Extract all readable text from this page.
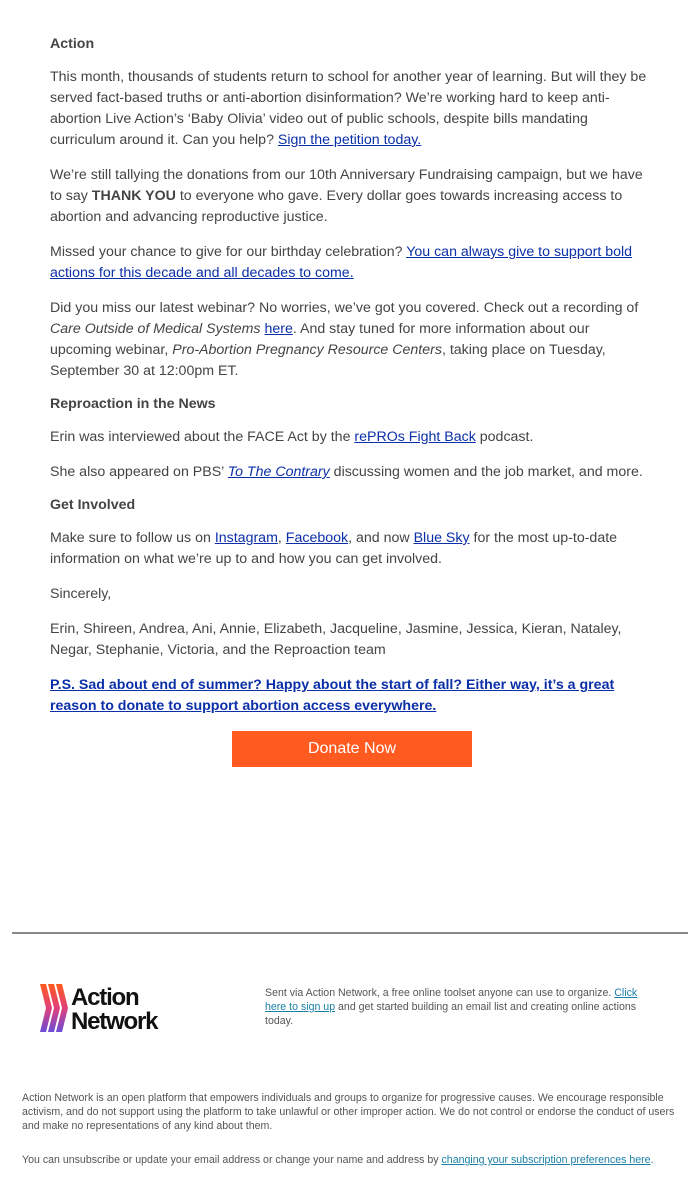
Action

This month, thousands of students return to school for another year of learning. But will they be served fact-based truths or anti-abortion disinformation? We’re working hard to keep anti-abortion Live Action’s ‘Baby Olivia’ video out of public schools, despite bills mandating curriculum around it. Can you help? Sign the petition today.

We’re still tallying the donations from our 10th Anniversary Fundraising campaign, but we have to say THANK YOU to everyone who gave. Every dollar goes towards increasing access to abortion and advancing reproductive justice.

Missed your chance to give for our birthday celebration? You can always give to support bold actions for this decade and all decades to come.

Did you miss our latest webinar? No worries, we’ve got you covered. Check out a recording of Care Outside of Medical Systems here. And stay tuned for more information about our upcoming webinar, Pro-Abortion Pregnancy Resource Centers, taking place on Tuesday, September 30 at 12:00pm ET.

Reproaction in the News

Erin was interviewed about the FACE Act by the rePROs Fight Back podcast.

She also appeared on PBS’ To The Contrary discussing women and the job market, and more.

Get Involved

Make sure to follow us on Instagram, Facebook, and now Blue Sky for the most up-to-date information on what we’re up to and how you can get involved.

Sincerely,

Erin, Shireen, Andrea, Ani, Annie, Elizabeth, Jacqueline, Jasmine, Jessica, Kieran, Nataley, Negar, Stephanie, Victoria, and the Reproaction team

P.S. Sad about end of summer? Happy about the start of fall? Either way, it’s a great reason to donate to support abortion access everywhere.

Donate Now
Action
Network
Sent via Action Network, a free online toolset anyone can use to organize. Click here to sign up and get started building an email list and creating online actions today.
Action Network is an open platform that empowers individuals and groups to organize for progressive causes. We encourage responsible activism, and do not support using the platform to take unlawful or other improper action. We do not control or endorse the conduct of users and make no representations of any kind about them.
You can unsubscribe or update your email address or change your name and address by changing your subscription preferences here.
